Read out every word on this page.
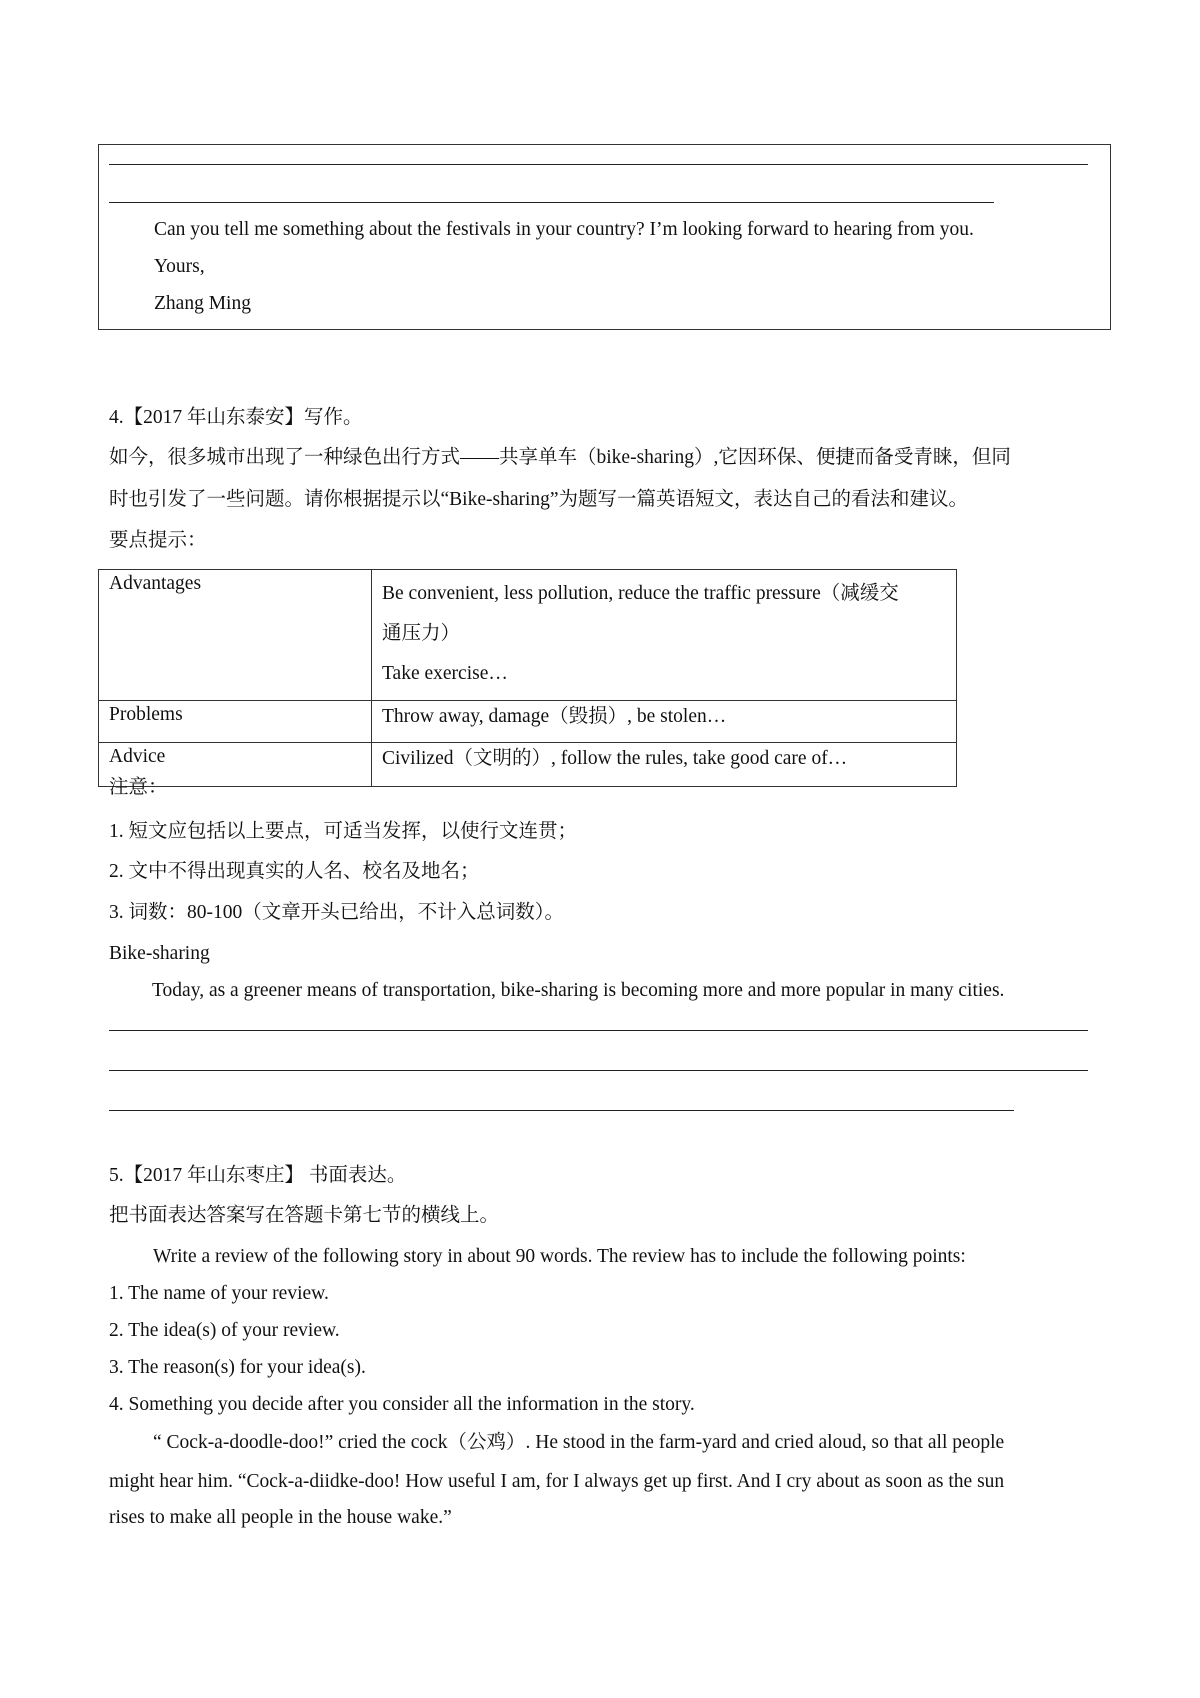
Can you tell me something about the festivals in your country? I’m looking forward to hearing from you.
Yours,
Zhang Ming
4.【2017 年山东泰安】写作。
如今，很多城市出现了一种绿色出行方式——共享单车（bike-sharing）,它因环保、便捷而备受青睐，但同
时也引发了一些问题。请你根据提示以“Bike-sharing”为题写一篇英语短文，表达自己的看法和建议。
要点提示：
Advantages	Be convenient, less pollution, reduce the traffic pressure（减缓交
通压力）
Take exercise…

Problems	Throw away, damage（毁损）, be stolen…
Advice	Civilized（文明的）, follow the rules, take good care of…
注意：
1. 短文应包括以上要点，可适当发挥，以使行文连贯；
2. 文中不得出现真实的人名、校名及地名；
3. 词数：80-100（文章开头已给出，不计入总词数）。
Bike-sharing
Today, as a greener means of transportation, bike-sharing is becoming more and more popular in many cities.
5.【2017 年山东枣庄】 书面表达。
把书面表达答案写在答题卡第七节的横线上。
Write a review of the following story in about 90 words. The review has to include the following points:
1. The name of your review.
2. The idea(s) of your review.
3. The reason(s) for your idea(s).
4. Something you decide after you consider all the information in the story.
“ Cock-a-doodle-doo!” cried the cock（公鸡）. He stood in the farm-yard and cried aloud, so that all people
might hear him. “Cock-a-diidke-doo! How useful I am, for I always get up first. And I cry about as soon as the sun
rises to make all people in the house wake.”
